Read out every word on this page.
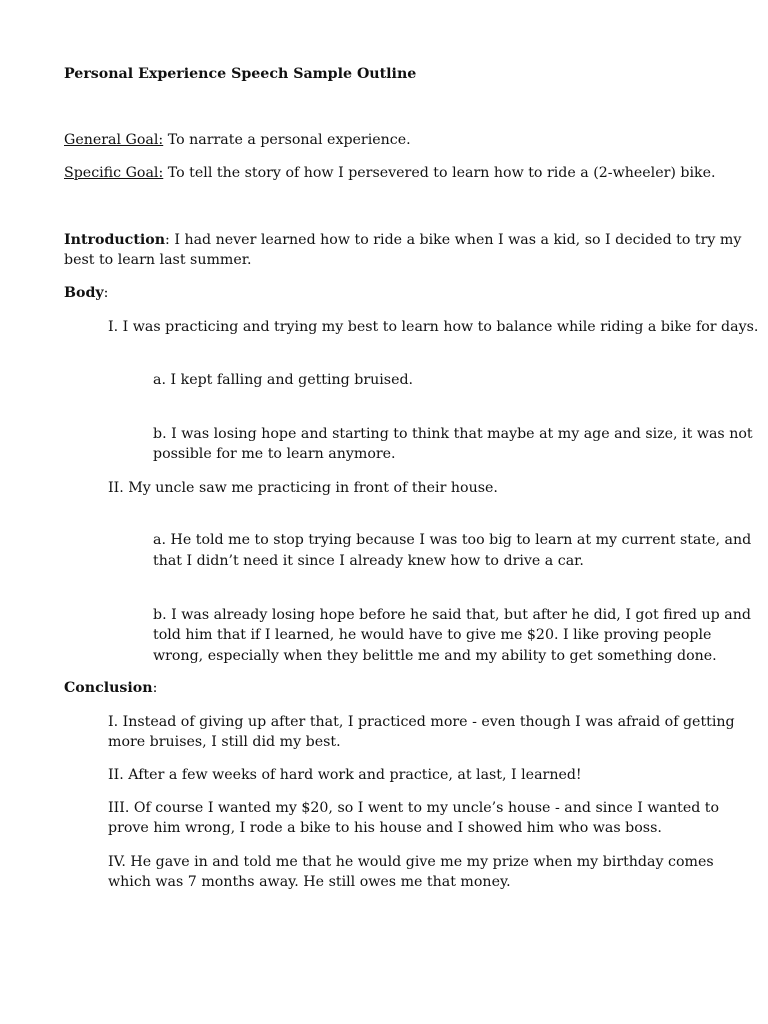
Personal Experience Speech Sample Outline
General Goal: To narrate a personal experience.
Specific Goal: To tell the story of how I persevered to learn how to ride a (2-wheeler) bike.
Introduction: I had never learned how to ride a bike when I was a kid, so I decided to try my
best to learn last summer.
Body:
I. I was practicing and trying my best to learn how to balance while riding a bike for days.
a. I kept falling and getting bruised.
b. I was losing hope and starting to think that maybe at my age and size, it was not
possible for me to learn anymore.
II. My uncle saw me practicing in front of their house.
a. He told me to stop trying because I was too big to learn at my current state, and
that I didn’t need it since I already knew how to drive a car.
b. I was already losing hope before he said that, but after he did, I got fired up and
told him that if I learned, he would have to give me $20. I like proving people
wrong, especially when they belittle me and my ability to get something done.
Conclusion:
I. Instead of giving up after that, I practiced more - even though I was afraid of getting
more bruises, I still did my best.
II. After a few weeks of hard work and practice, at last, I learned!
III. Of course I wanted my $20, so I went to my uncle’s house - and since I wanted to
prove him wrong, I rode a bike to his house and I showed him who was boss.
IV. He gave in and told me that he would give me my prize when my birthday comes
which was 7 months away. He still owes me that money.
